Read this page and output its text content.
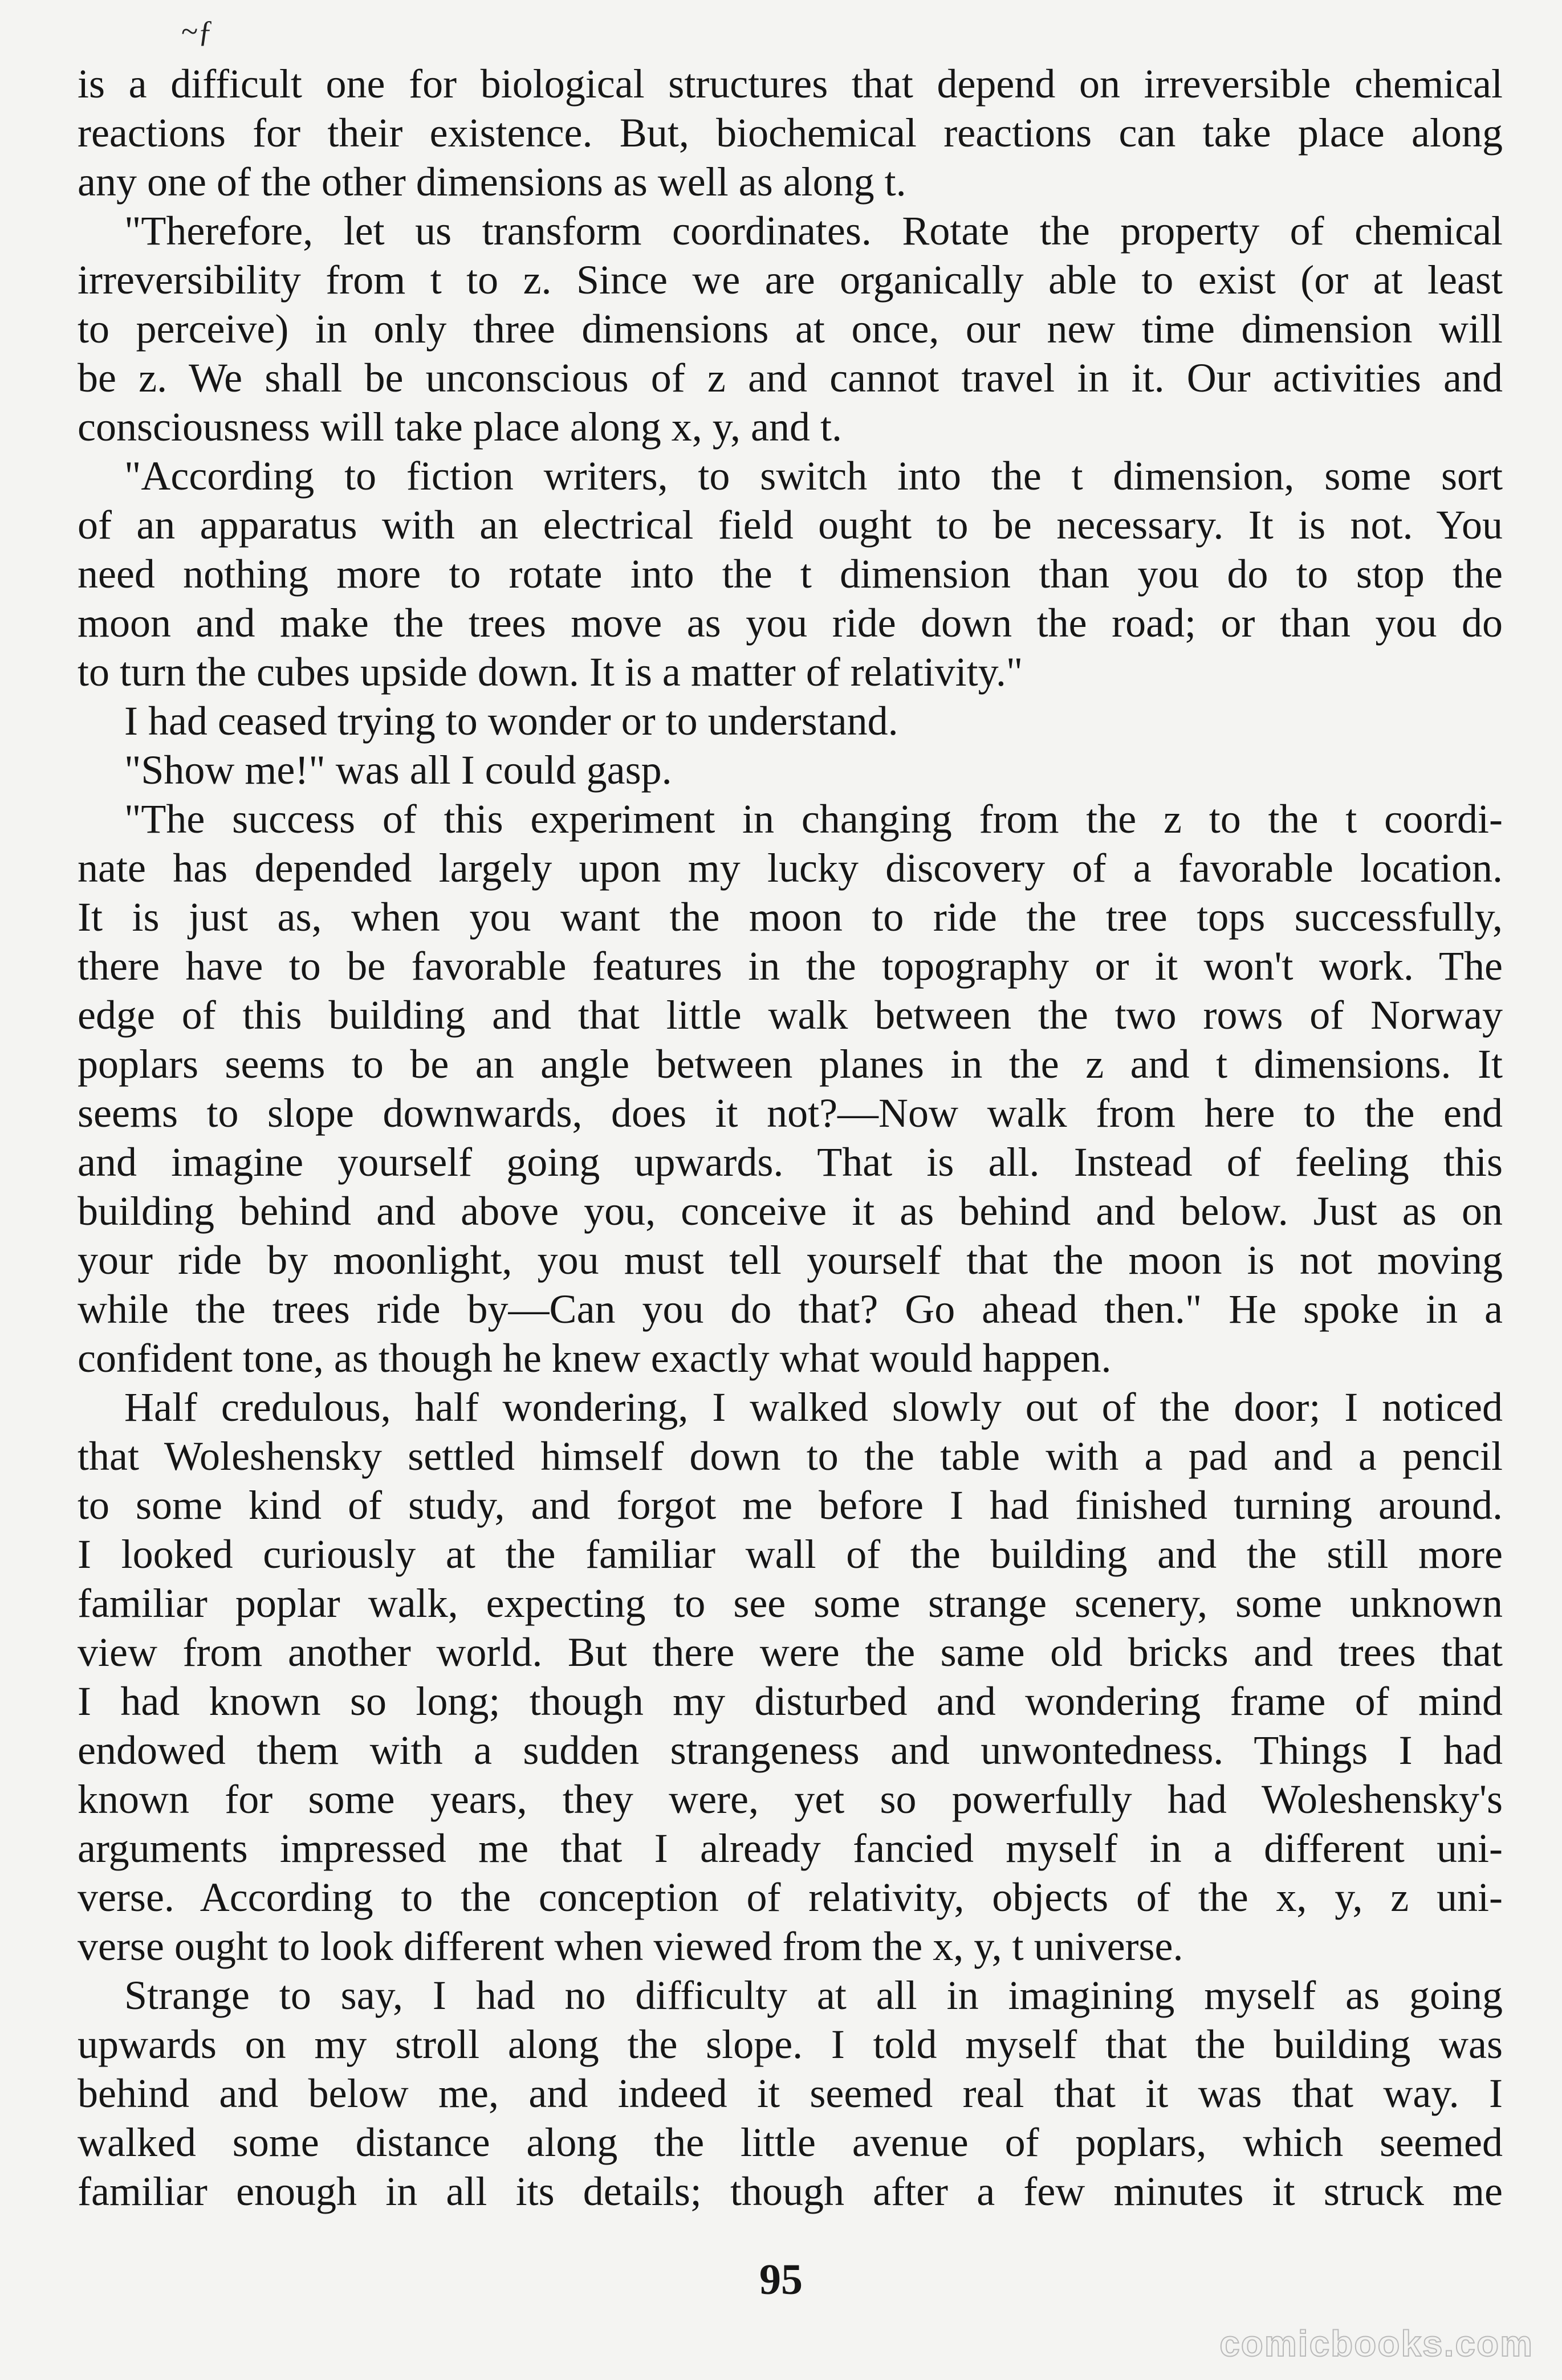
~ƒ
is a difficult one for biological structures that depend on irreversible chemical
reactions for their existence. But, biochemical reactions can take place along
any one of the other dimensions as well as along t.
"Therefore, let us transform coordinates. Rotate the property of chemical
irreversibility from t to z. Since we are organically able to exist (or at least
to perceive) in only three dimensions at once, our new time dimension will
be z. We shall be unconscious of z and cannot travel in it. Our activities and
consciousness will take place along x, y, and t.
"According to fiction writers, to switch into the t dimension, some sort
of an apparatus with an electrical field ought to be necessary. It is not. You
need nothing more to rotate into the t dimension than you do to stop the
moon and make the trees move as you ride down the road; or than you do
to turn the cubes upside down. It is a matter of relativity."
I had ceased trying to wonder or to understand.
"Show me!" was all I could gasp.
"The success of this experiment in changing from the z to the t coordi-
nate has depended largely upon my lucky discovery of a favorable location.
It is just as, when you want the moon to ride the tree tops successfully,
there have to be favorable features in the topography or it won't work. The
edge of this building and that little walk between the two rows of Norway
poplars seems to be an angle between planes in the z and t dimensions. It
seems to slope downwards, does it not?—Now walk from here to the end
and imagine yourself going upwards. That is all. Instead of feeling this
building behind and above you, conceive it as behind and below. Just as on
your ride by moonlight, you must tell yourself that the moon is not moving
while the trees ride by—Can you do that? Go ahead then." He spoke in a
confident tone, as though he knew exactly what would happen.
Half credulous, half wondering, I walked slowly out of the door; I noticed
that Woleshensky settled himself down to the table with a pad and a pencil
to some kind of study, and forgot me before I had finished turning around.
I looked curiously at the familiar wall of the building and the still more
familiar poplar walk, expecting to see some strange scenery, some unknown
view from another world. But there were the same old bricks and trees that
I had known so long; though my disturbed and wondering frame of mind
endowed them with a sudden strangeness and unwontedness. Things I had
known for some years, they were, yet so powerfully had Woleshensky's
arguments impressed me that I already fancied myself in a different uni-
verse. According to the conception of relativity, objects of the x, y, z uni-
verse ought to look different when viewed from the x, y, t universe.
Strange to say, I had no difficulty at all in imagining myself as going
upwards on my stroll along the slope. I told myself that the building was
behind and below me, and indeed it seemed real that it was that way. I
walked some distance along the little avenue of poplars, which seemed
familiar enough in all its details; though after a few minutes it struck me
95
comicbooks.com
